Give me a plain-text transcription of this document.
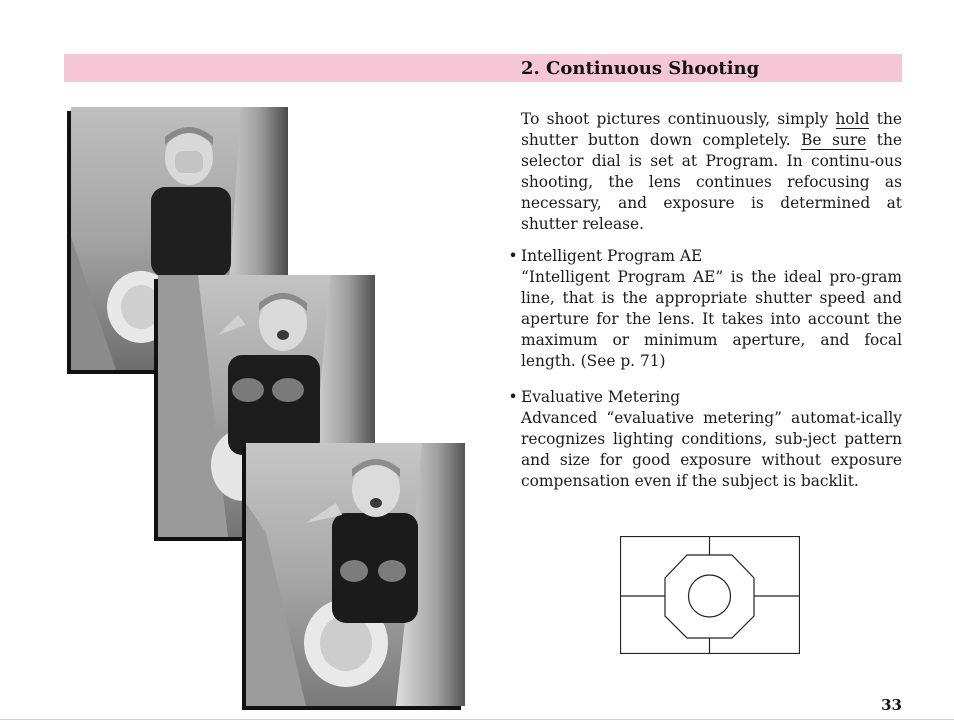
2. Continuous Shooting
To shoot pictures continuously, simply hold the shutter button down completely. Be sure the selector dial is set at Program. In continu-ous shooting, the lens continues refocusing as necessary, and exposure is determined at shutter release.
• Intelligent Program AE
“Intelligent Program AE” is the ideal pro-gram line, that is the appropriate shutter speed and aperture for the lens. It takes into account the maximum or minimum aperture, and focal length. (See p. 71)
• Evaluative Metering
Advanced “evaluative metering” automat-ically recognizes lighting conditions, sub-ject pattern and size for good exposure without exposure compensation even if the subject is backlit.
33
